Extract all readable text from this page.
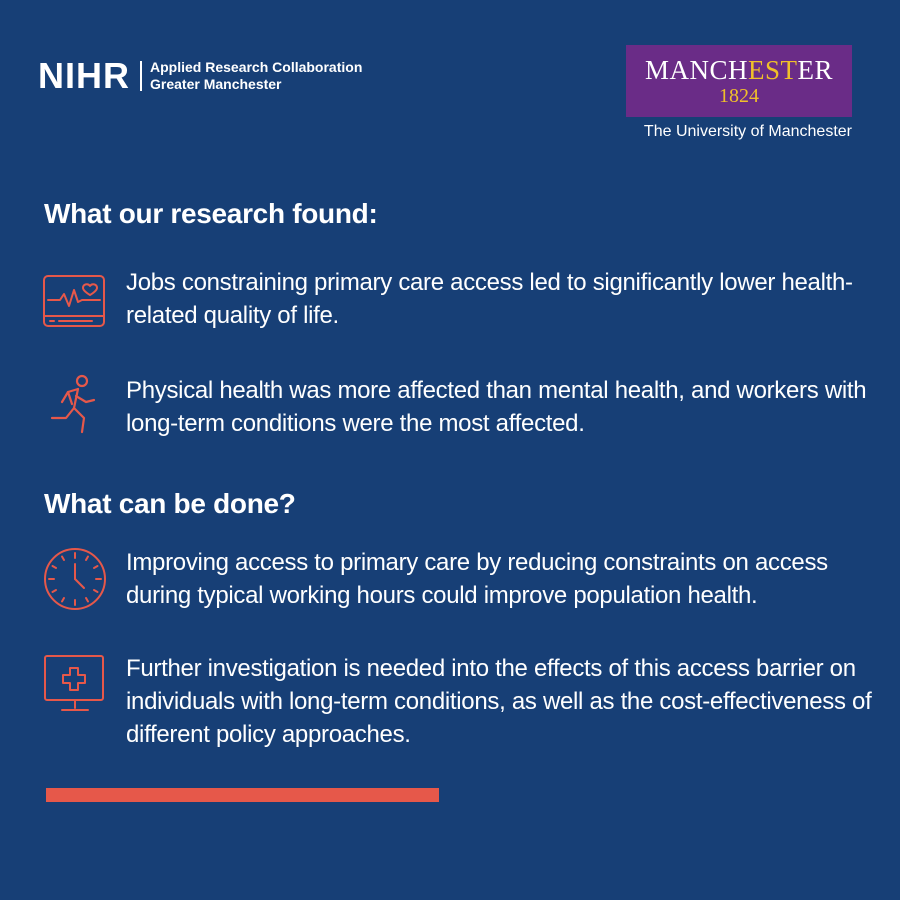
NIHR Applied Research Collaboration
Greater Manchester	MANCHESTER
1824
The University of Manchester
What our research found:
Jobs constraining primary care access led to significantly lower health-related quality of life.
Physical health was more affected than mental health, and workers with long-term conditions were the most affected.
What can be done?
Improving access to primary care by reducing constraints on access during typical working hours could improve population health.
Further investigation is needed into the effects of this access barrier on individuals with long-term conditions, as well as the cost-effectiveness of different policy approaches.
